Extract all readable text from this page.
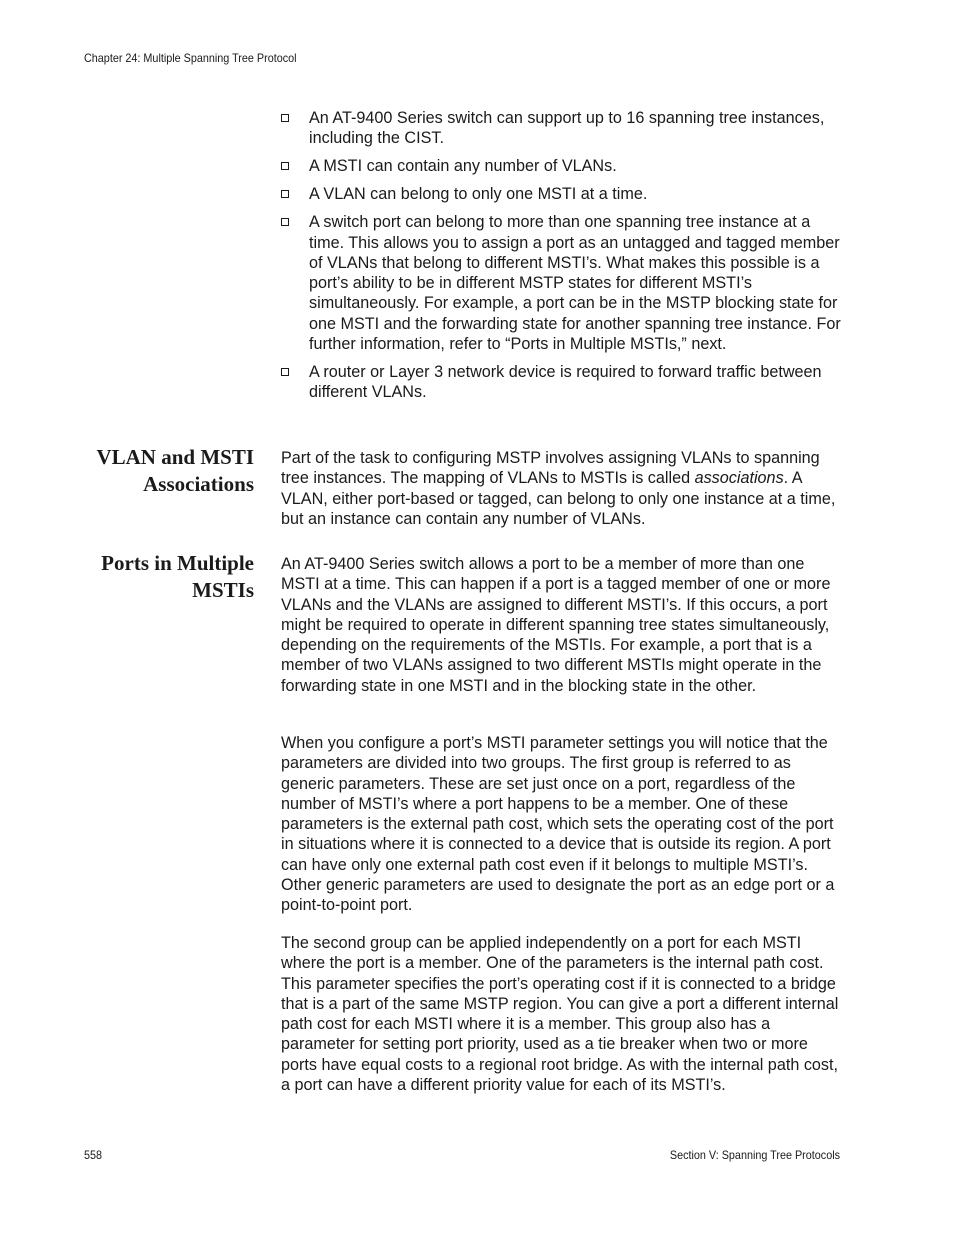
Chapter 24: Multiple Spanning Tree Protocol
An AT-9400 Series switch can support up to 16 spanning tree instances, including the CIST.
A MSTI can contain any number of VLANs.
A VLAN can belong to only one MSTI at a time.
A switch port can belong to more than one spanning tree instance at a time. This allows you to assign a port as an untagged and tagged member of VLANs that belong to different MSTI’s. What makes this possible is a port’s ability to be in different MSTP states for different MSTI’s simultaneously. For example, a port can be in the MSTP blocking state for one MSTI and the forwarding state for another spanning tree instance. For further information, refer to “Ports in Multiple MSTIs,” next.
A router or Layer 3 network device is required to forward traffic between different VLANs.
VLAN and MSTI
Associations

Part of the task to configuring MSTP involves assigning VLANs to spanning tree instances. The mapping of VLANs to MSTIs is called associations. A VLAN, either port-based or tagged, can belong to only one instance at a time, but an instance can contain any number of VLANs.

Ports in Multiple
MSTIs

An AT-9400 Series switch allows a port to be a member of more than one MSTI at a time. This can happen if a port is a tagged member of one or more VLANs and the VLANs are assigned to different MSTI’s. If this occurs, a port might be required to operate in different spanning tree states simultaneously, depending on the requirements of the MSTIs. For example, a port that is a member of two VLANs assigned to two different MSTIs might operate in the forwarding state in one MSTI and in the blocking state in the other.

When you configure a port’s MSTI parameter settings you will notice that the parameters are divided into two groups. The first group is referred to as generic parameters. These are set just once on a port, regardless of the number of MSTI’s where a port happens to be a member. One of these parameters is the external path cost, which sets the operating cost of the port in situations where it is connected to a device that is outside its region. A port can have only one external path cost even if it belongs to multiple MSTI’s. Other generic parameters are used to designate the port as an edge port or a point-to-point port.

The second group can be applied independently on a port for each MSTI where the port is a member. One of the parameters is the internal path cost. This parameter specifies the port’s operating cost if it is connected to a bridge that is a part of the same MSTP region. You can give a port a different internal path cost for each MSTI where it is a member. This group also has a parameter for setting port priority, used as a tie breaker when two or more ports have equal costs to a regional root bridge. As with the internal path cost, a port can have a different priority value for each of its MSTI’s.

558	Section V: Spanning Tree Protocols
